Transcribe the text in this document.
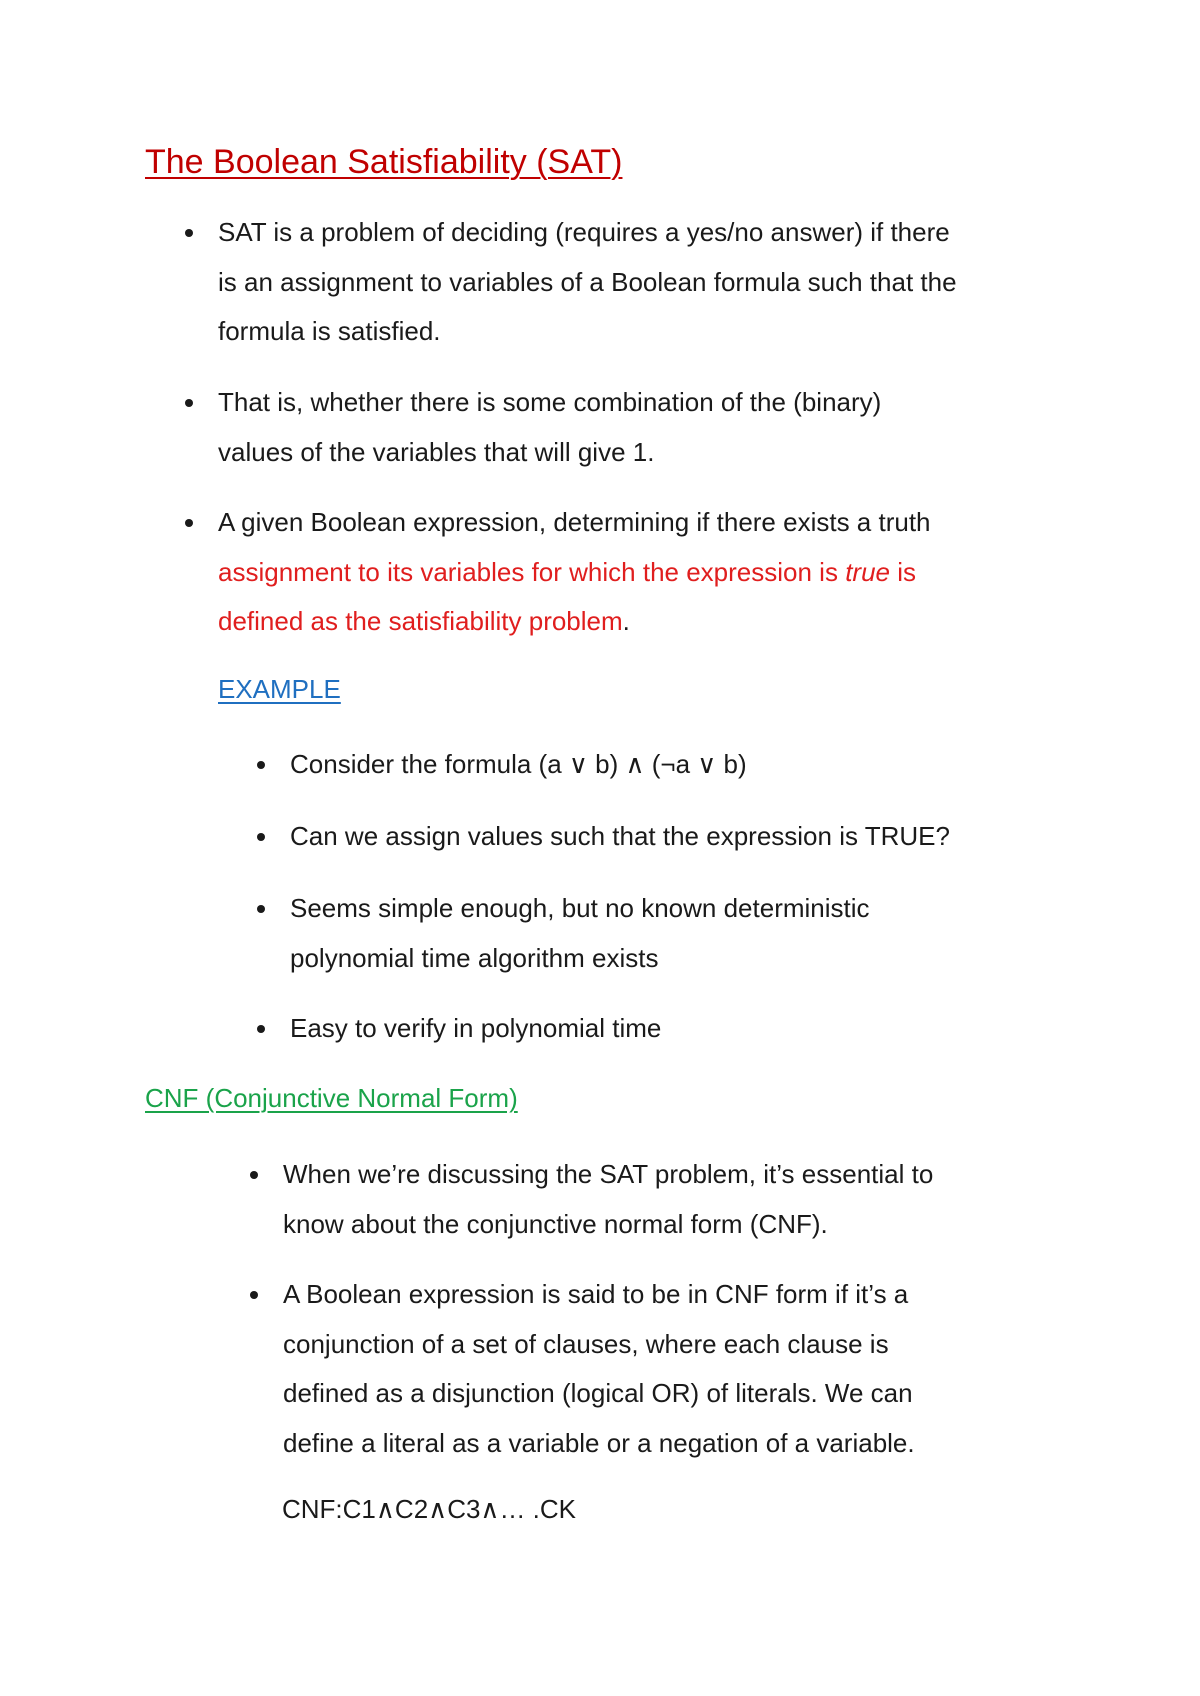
The Boolean Satisfiability (SAT)

SAT is a problem of deciding (requires a yes/no answer) if there
is an assignment to variables of a Boolean formula such that the
formula is satisfied.

That is, whether there is some combination of the (binary)
values of the variables that will give 1.

A given Boolean expression, determining if there exists a truth
assignment to its variables for which the expression is true is
defined as the satisfiability problem.

EXAMPLE

Consider the formula (a ∨ b) ∧ (¬a ∨ b)

Can we assign values such that the expression is TRUE?

Seems simple enough, but no known deterministic
polynomial time algorithm exists

Easy to verify in polynomial time

CNF (Conjunctive Normal Form)

When we’re discussing the SAT problem, it’s essential to
know about the conjunctive normal form (CNF).

A Boolean expression is said to be in CNF form if it’s a
conjunction of a set of clauses, where each clause is
defined as a disjunction (logical OR) of literals. We can
define a literal as a variable or a negation of a variable.

CNF:C1∧C2∧C3∧… .CK
